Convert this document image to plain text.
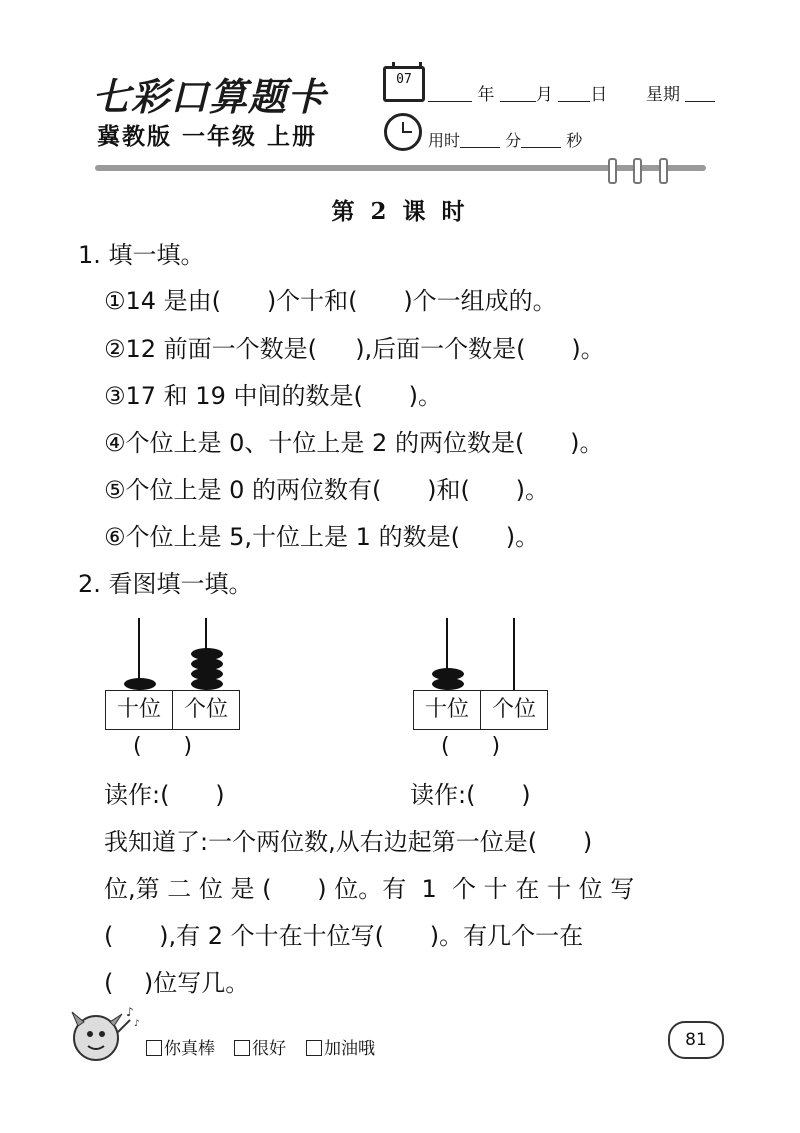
七彩口算题卡
冀教版 一年级 上册
07
年 月 日 星期
用时	分	秒
第 2 课 时
1. 填一填。
①14 是由(      )个十和(      )个一组成的。
②12 前面一个数是(     ),后面一个数是(      )。
③17 和 19 中间的数是(      )。
④个位上是 0、十位上是 2 的两位数是(      )。
⑤个位上是 0 的两位数有(      )和(      )。
⑥个位上是 5,十位上是 1 的数是(      )。
2. 看图填一填。
十位	个位
(      )
十位	个位
(      )
读作:(      )	读作:(      )
我知道了:一个两位数,从右边起第一位是(      )
位,第 二 位 是 (      ) 位。有  1  个 十 在 十 位 写
(      ),有 2 个十在十位写(      )。有几个一在
(    )位写几。
♪
♪
你真棒	很好	加油哦	81
